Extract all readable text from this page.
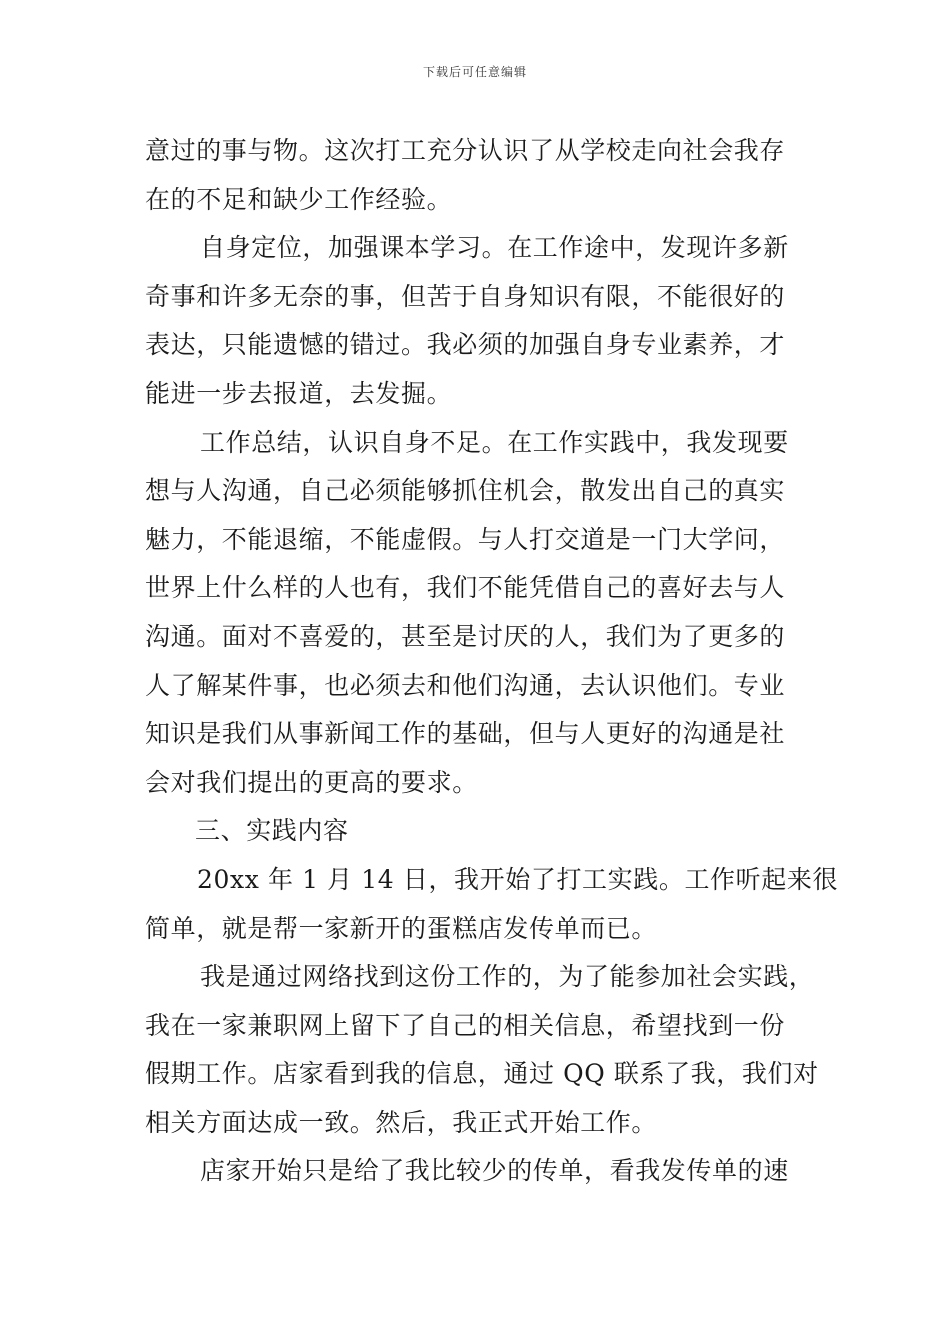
下载后可任意编辑
意过的事与物。这次打工充分认识了从学校走向社会我存
在的不足和缺少工作经验。
自身定位，加强课本学习。在工作途中，发现许多新
奇事和许多无奈的事，但苦于自身知识有限，不能很好的
表达，只能遗憾的错过。我必须的加强自身专业素养，才
能进一步去报道，去发掘。
工作总结，认识自身不足。在工作实践中，我发现要
想与人沟通，自己必须能够抓住机会，散发出自己的真实
魅力，不能退缩，不能虚假。与人打交道是一门大学问，
世界上什么样的人也有，我们不能凭借自己的喜好去与人
沟通。面对不喜爱的，甚至是讨厌的人，我们为了更多的
人了解某件事，也必须去和他们沟通，去认识他们。专业
知识是我们从事新闻工作的基础，但与人更好的沟通是社
会对我们提出的更高的要求。
三、实践内容
20xx 年 1 月 14 日，我开始了打工实践。工作听起来很
简单，就是帮一家新开的蛋糕店发传单而已。
我是通过网络找到这份工作的，为了能参加社会实践，
我在一家兼职网上留下了自己的相关信息，希望找到一份
假期工作。店家看到我的信息，通过 QQ 联系了我，我们对
相关方面达成一致。然后，我正式开始工作。
店家开始只是给了我比较少的传单，看我发传单的速
